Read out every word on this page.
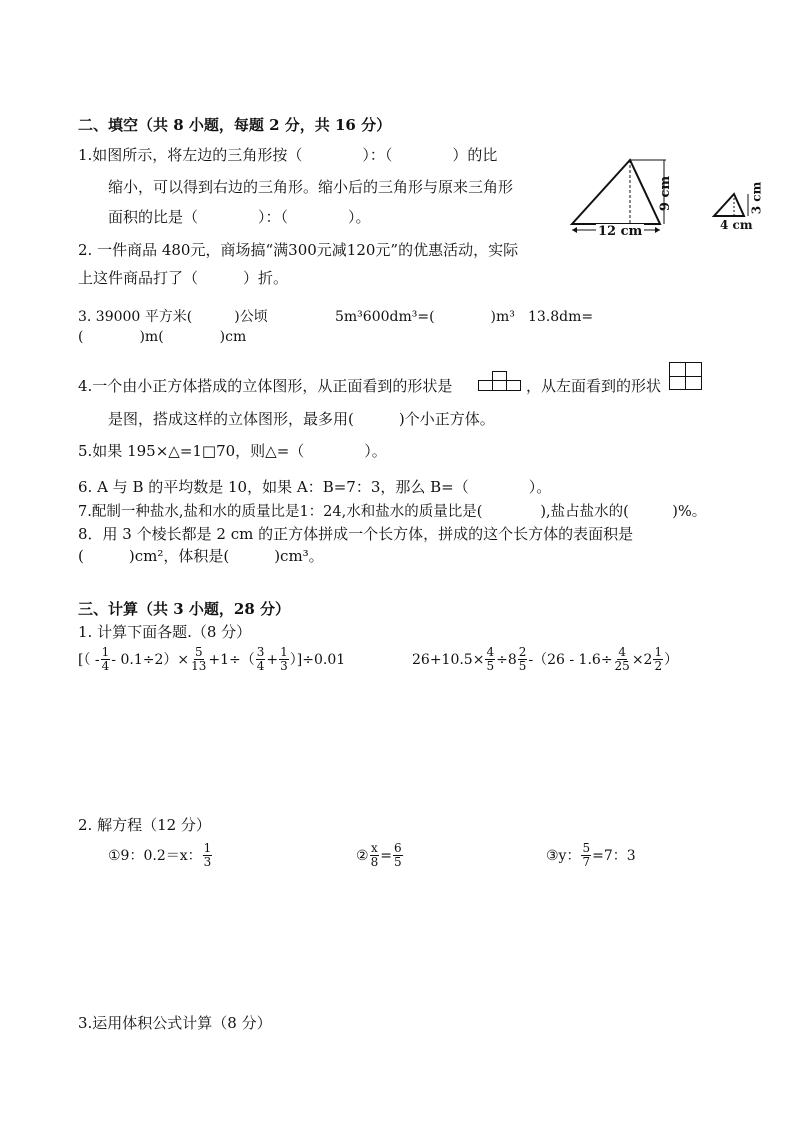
二、填空（共 8 小题，每题 2 分，共 16 分）
1.如图所示，将左边的三角形按（　　　　）：（　　　　）的比
缩小，可以得到右边的三角形。缩小后的三角形与原来三角形
面积的比是（　　　　）：（　　　　）。
12 cm
9 cm
4 cm
3 cm
2. 一件商品 480元，商场搞“满300元减120元”的优惠活动，实际
上这件商品打了（　　　）折。
3. 39000 平方米(　　　)公顷	5m³600dm³=(　　　　)m³ 13.8dm=
(　　　　)m(　　　　)cm
4.一个由小正方体搭成的立体图形，从正面看到的形状是	，从左面看到的形状
是图，搭成这样的立体图形，最多用(　　　)个小正方体。
5.如果 195×△=1□70，则△=（　　　　）。
6. A 与 B 的平均数是 10，如果 A：B=7：3，那么 B=（　　　　）。
7.配制一种盐水,盐和水的质量比是1：24,水和盐水的质量比是(　　　　),盐占盐水的(　　　)%。
8．用 3 个棱长都是 2 cm 的正方体拼成一个长方体，拼成的这个长方体的表面积是
(　　　)cm²，体积是(　　　)cm³。
三、计算（共 3 小题，28 分）
1. 计算下面各题.（8 分）
[（ - $\frac{1}{4} - 0.1\div 2)\times \frac{5}{13} +1\div( \frac{3}{4} + \frac{1}{3} )]\div 0.01$	$26+10.5\times \frac{4}{5} \div 8 \frac{2}{5} -(26 - 1.6\div \frac{4}{25} \times 2 \frac{1}{2}$ ）
2. 解方程（12 分）
①9：0.2＝x： $\frac{1}{3}$	② $\frac{x}{8} = \frac{6}{5}$	③y： $\frac{5}{7} =7$：3
3.运用体积公式计算（8 分）
